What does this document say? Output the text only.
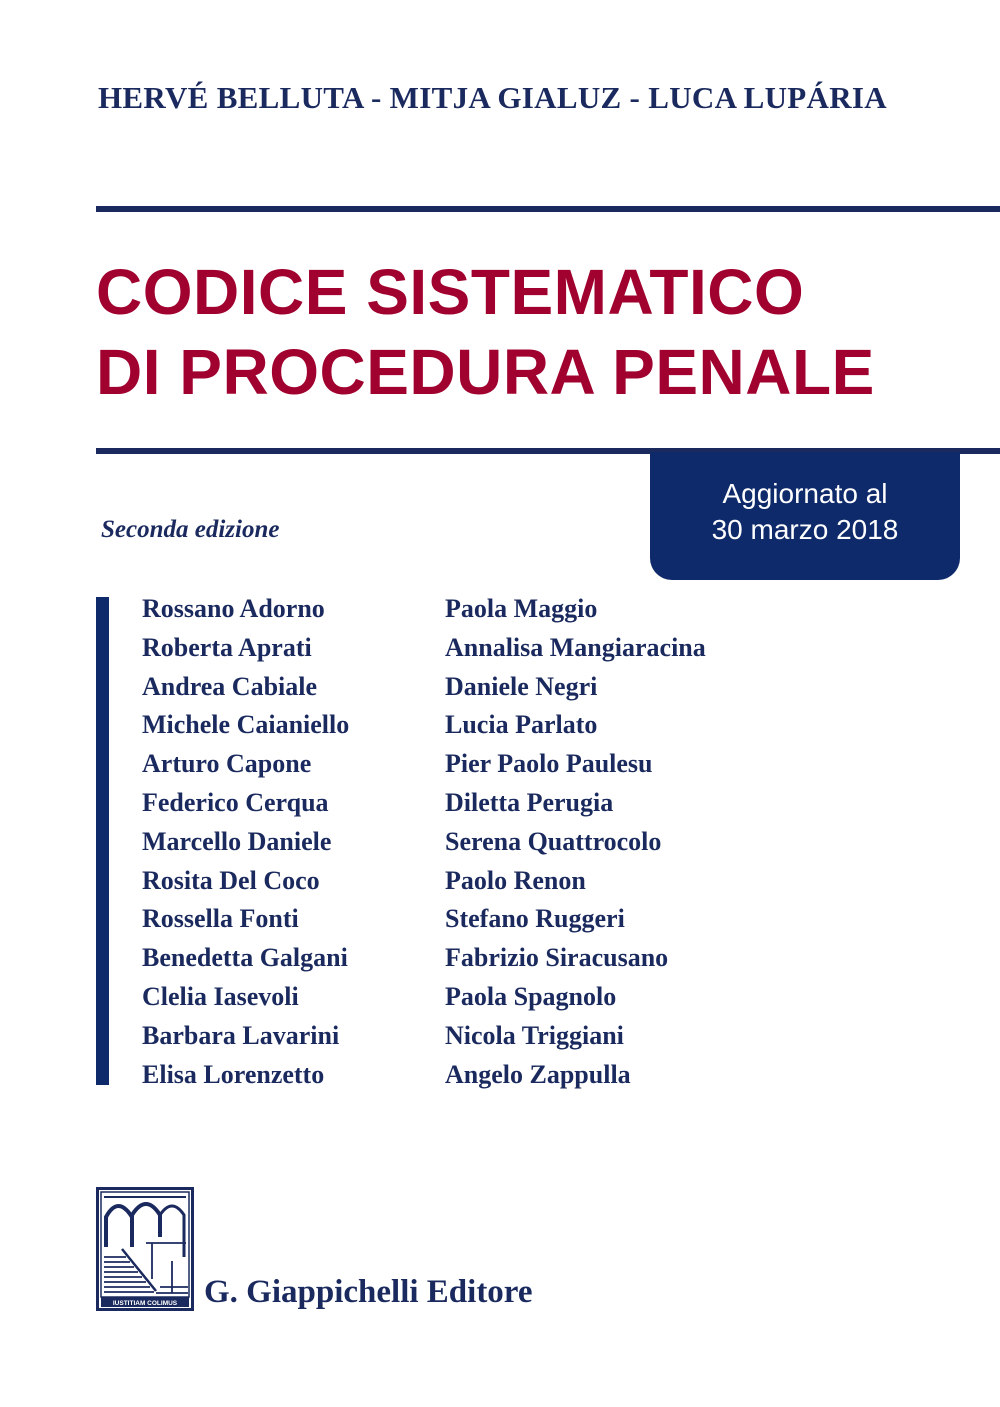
HERVÉ BELLUTA - MITJA GIALUZ - LUCA LUPÁRIA
CODICE SISTEMATICO
DI PROCEDURA PENALE
Aggiornato al
30 marzo 2018
Seconda edizione
Rossano Adorno
Roberta Aprati
Andrea Cabiale
Michele Caianiello
Arturo Capone
Federico Cerqua
Marcello Daniele
Rosita Del Coco
Rossella Fonti
Benedetta Galgani
Clelia Iasevoli
Barbara Lavarini
Elisa Lorenzetto
Paola Maggio
Annalisa Mangiaracina
Daniele Negri
Lucia Parlato
Pier Paolo Paulesu
Diletta Perugia
Serena Quattrocolo
Paolo Renon
Stefano Ruggeri
Fabrizio Siracusano
Paola Spagnolo
Nicola Triggiani
Angelo Zappulla
IUSTITIAM COLIMUS G. Giappichelli Editore
